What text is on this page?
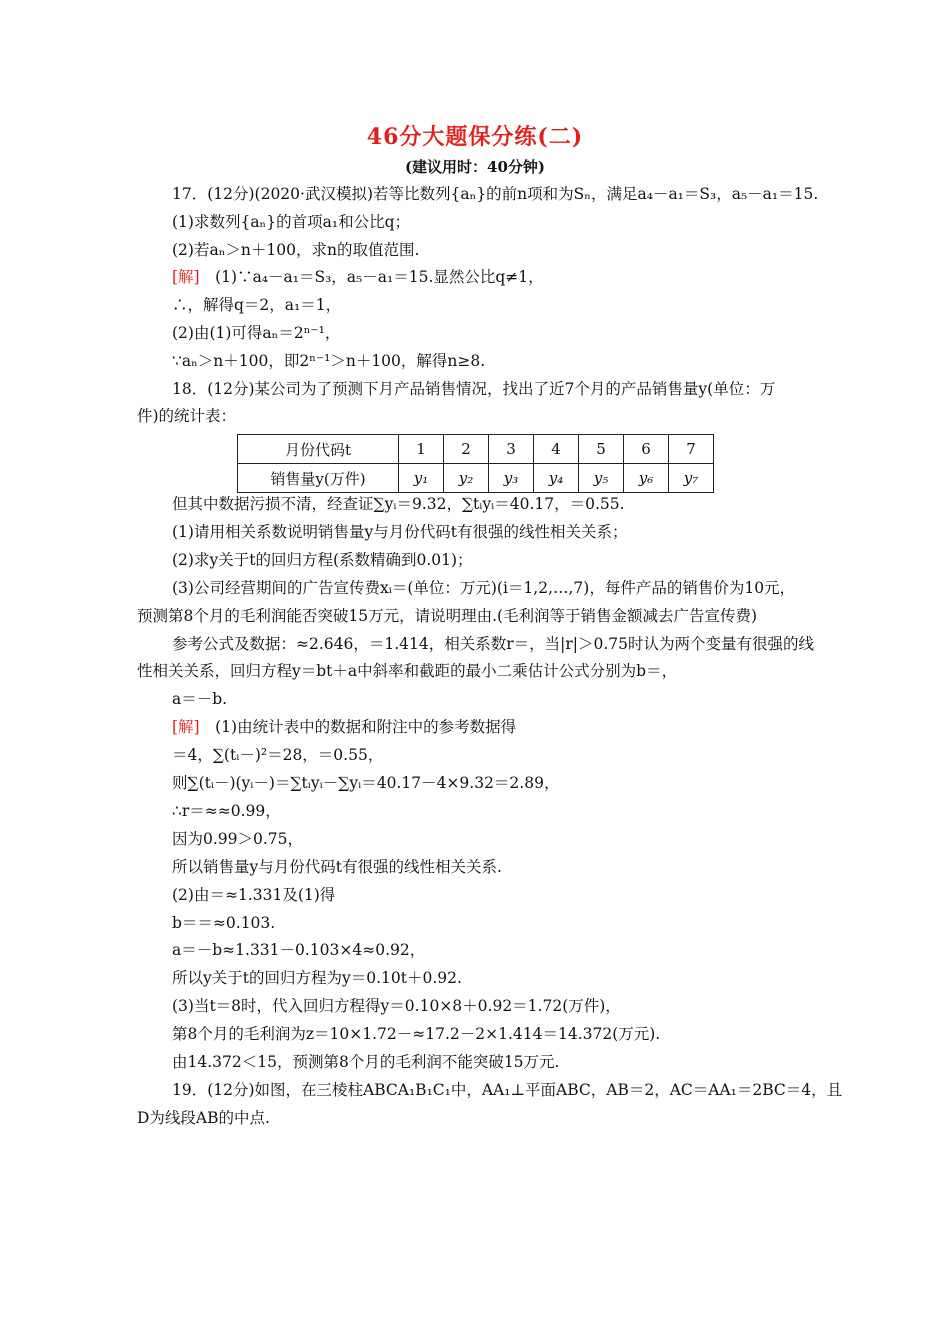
46分大题保分练(二)
(建议用时：40分钟)
17．(12分)(2020·武汉模拟)若等比数列{aₙ}的前n项和为Sₙ，满足a₄－a₁＝S₃，a₅－a₁＝15.
(1)求数列{aₙ}的首项a₁和公比q；
(2)若aₙ＞n＋100，求n的取值范围.
[解]　(1)∵a₄－a₁＝S₃，a₅－a₁＝15.显然公比q≠1，
∴，解得q＝2，a₁＝1，
(2)由(1)可得aₙ＝2ⁿ⁻¹，
∵aₙ＞n＋100，即2ⁿ⁻¹＞n＋100，解得n≥8.
18．(12分)某公司为了预测下月产品销售情况，找出了近7个月的产品销售量y(单位：万
件)的统计表：
月份代码t	1	2	3	4	5	6	7
销售量y(万件)	y₁	y₂	y₃	y₄	y₅	y₆	y₇
但其中数据污损不清，经查证∑yᵢ＝9.32，∑tᵢyᵢ＝40.17，＝0.55.
(1)请用相关系数说明销售量y与月份代码t有很强的线性相关关系；
(2)求y关于t的回归方程(系数精确到0.01)；
(3)公司经营期间的广告宣传费xᵢ＝(单位：万元)(i＝1,2,…,7)，每件产品的销售价为10元，
预测第8个月的毛利润能否突破15万元，请说明理由.(毛利润等于销售金额减去广告宣传费)
参考公式及数据：≈2.646，＝1.414，相关系数r＝，当|r|＞0.75时认为两个变量有很强的线
性相关关系，回归方程y＝bt＋a中斜率和截距的最小二乘估计公式分别为b＝，
a＝－b.
[解]　(1)由统计表中的数据和附注中的参考数据得
＝4，∑(tᵢ－)²＝28，＝0.55，
则∑(tᵢ－)(yᵢ－)＝∑tᵢyᵢ－∑yᵢ＝40.17－4×9.32＝2.89，
∴r＝≈≈0.99，
因为0.99＞0.75，
所以销售量y与月份代码t有很强的线性相关关系.
(2)由＝≈1.331及(1)得
b＝＝≈0.103.
a＝－b≈1.331－0.103×4≈0.92，
所以y关于t的回归方程为y＝0.10t＋0.92.
(3)当t＝8时，代入回归方程得y＝0.10×8＋0.92＝1.72(万件)，
第8个月的毛利润为z＝10×1.72－≈17.2－2×1.414＝14.372(万元).
由14.372＜15，预测第8个月的毛利润不能突破15万元.
19．(12分)如图，在三棱柱ABCA₁B₁C₁中，AA₁⊥平面ABC，AB＝2，AC＝AA₁＝2BC＝4，且
D为线段AB的中点.
